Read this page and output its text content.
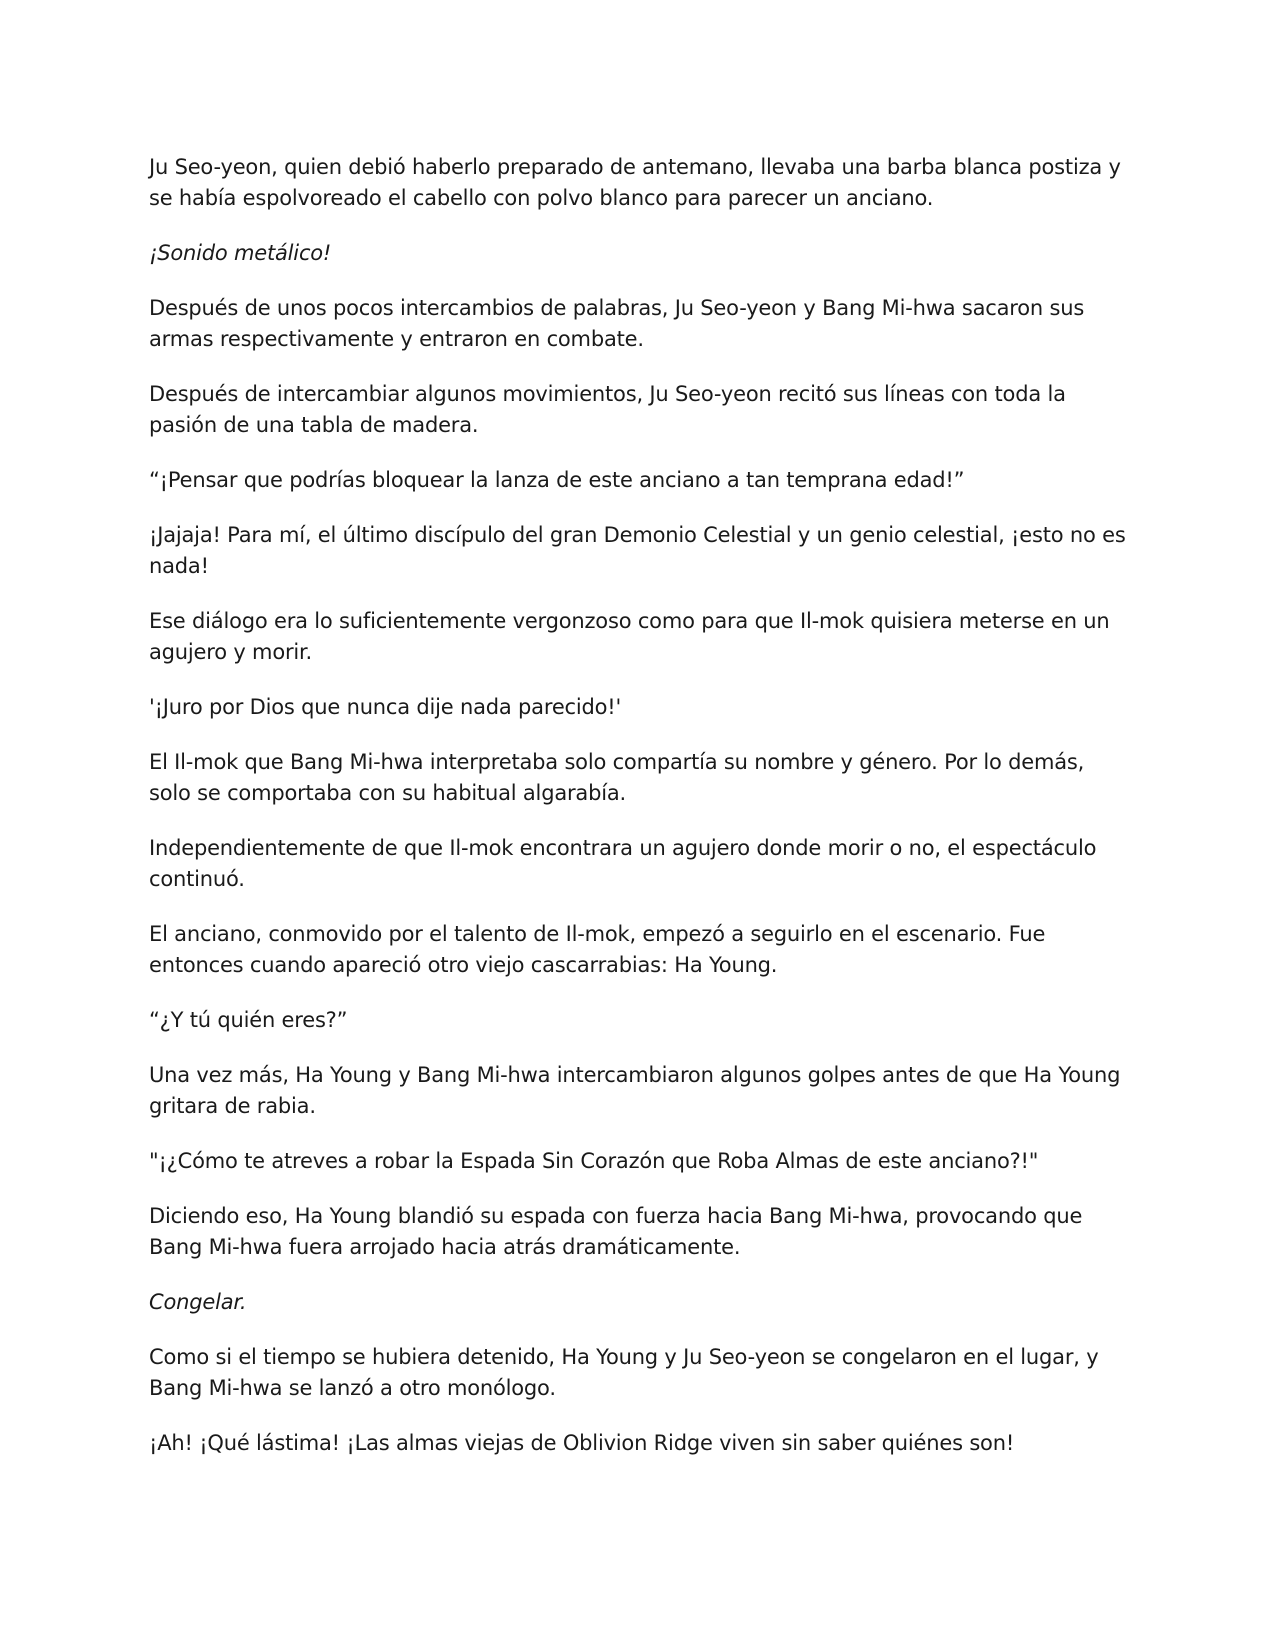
Ju Seo-yeon, quien debió haberlo preparado de antemano, llevaba una barba blanca postiza y se había espolvoreado el cabello con polvo blanco para parecer un anciano.

¡Sonido metálico!

Después de unos pocos intercambios de palabras, Ju Seo-yeon y Bang Mi-hwa sacaron sus armas respectivamente y entraron en combate.

Después de intercambiar algunos movimientos, Ju Seo-yeon recitó sus líneas con toda la pasión de una tabla de madera.

“¡Pensar que podrías bloquear la lanza de este anciano a tan temprana edad!”

¡Jajaja! Para mí, el último discípulo del gran Demonio Celestial y un genio celestial, ¡esto no es nada!

Ese diálogo era lo suficientemente vergonzoso como para que Il-mok quisiera meterse en un agujero y morir.

'¡Juro por Dios que nunca dije nada parecido!'

El Il-mok que Bang Mi-hwa interpretaba solo compartía su nombre y género. Por lo demás, solo se comportaba con su habitual algarabía.

Independientemente de que Il-mok encontrara un agujero donde morir o no, el espectáculo continuó.

El anciano, conmovido por el talento de Il-mok, empezó a seguirlo en el escenario. Fue entonces cuando apareció otro viejo cascarrabias: Ha Young.

“¿Y tú quién eres?”

Una vez más, Ha Young y Bang Mi-hwa intercambiaron algunos golpes antes de que Ha Young gritara de rabia.

"¡¿Cómo te atreves a robar la Espada Sin Corazón que Roba Almas de este anciano?!"

Diciendo eso, Ha Young blandió su espada con fuerza hacia Bang Mi-hwa, provocando que Bang Mi-hwa fuera arrojado hacia atrás dramáticamente.

Congelar.

Como si el tiempo se hubiera detenido, Ha Young y Ju Seo-yeon se congelaron en el lugar, y Bang Mi-hwa se lanzó a otro monólogo.

¡Ah! ¡Qué lástima! ¡Las almas viejas de Oblivion Ridge viven sin saber quiénes son!
